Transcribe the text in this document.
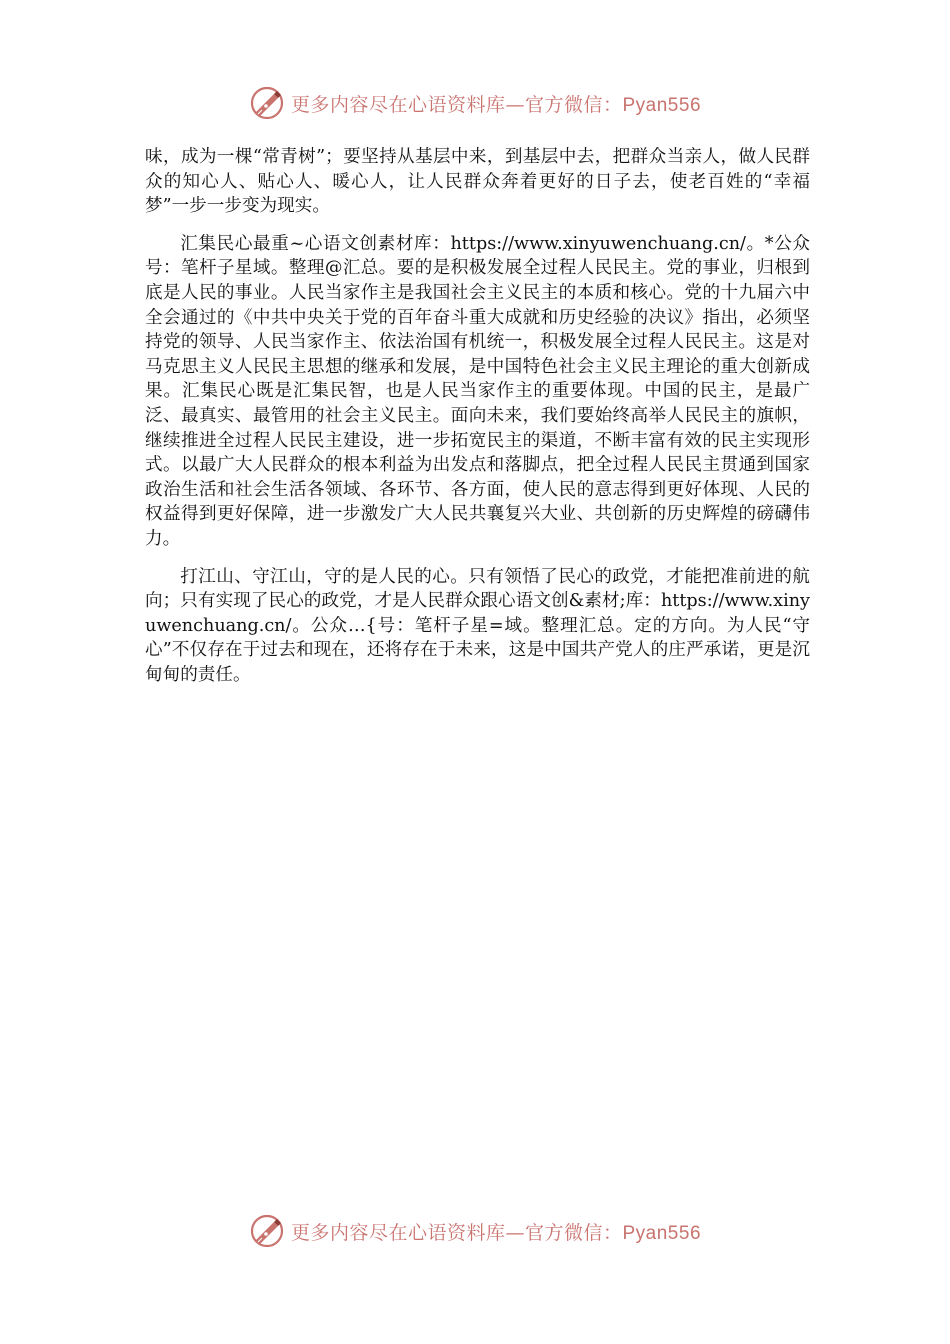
更多内容尽在心语资料库—官方微信：Pyan556

味，成为一棵“常青树”；要坚持从基层中来，到基层中去，把群众当亲人，做人民群众的知心人、贴心人、暖心人，让人民群众奔着更好的日子去，使老百姓的“幸福梦”一步一步变为现实。

汇集民心最重~心语文创素材库：https://www.xinyuwenchuang.cn/。*公众号：笔杆子星域。整理@汇总。要的是积极发展全过程人民民主。党的事业，归根到底是人民的事业。人民当家作主是我国社会主义民主的本质和核心。党的十九届六中全会通过的《中共中央关于党的百年奋斗重大成就和历史经验的决议》指出，必须坚持党的领导、人民当家作主、依法治国有机统一，积极发展全过程人民民主。这是对马克思主义人民民主思想的继承和发展，是中国特色社会主义民主理论的重大创新成果。汇集民心既是汇集民智，也是人民当家作主的重要体现。中国的民主，是最广泛、最真实、最管用的社会主义民主。面向未来，我们要始终高举人民民主的旗帜，继续推进全过程人民民主建设，进一步拓宽民主的渠道，不断丰富有效的民主实现形式。以最广大人民群众的根本利益为出发点和落脚点，把全过程人民民主贯通到国家政治生活和社会生活各领域、各环节、各方面，使人民的意志得到更好体现、人民的权益得到更好保障，进一步激发广大人民共襄复兴大业、共创新的历史辉煌的磅礴伟力。

打江山、守江山，守的是人民的心。只有领悟了民心的政党，才能把准前进的航向；只有实现了民心的政党，才是人民群众跟心语文创&素材;库：https://www.xinyuwenchuang.cn/。公众…{号：笔杆子星=域。整理汇总。定的方向。为人民“守心”不仅存在于过去和现在，还将存在于未来，这是中国共产党人的庄严承诺，更是沉甸甸的责任。

更多内容尽在心语资料库—官方微信：Pyan556
